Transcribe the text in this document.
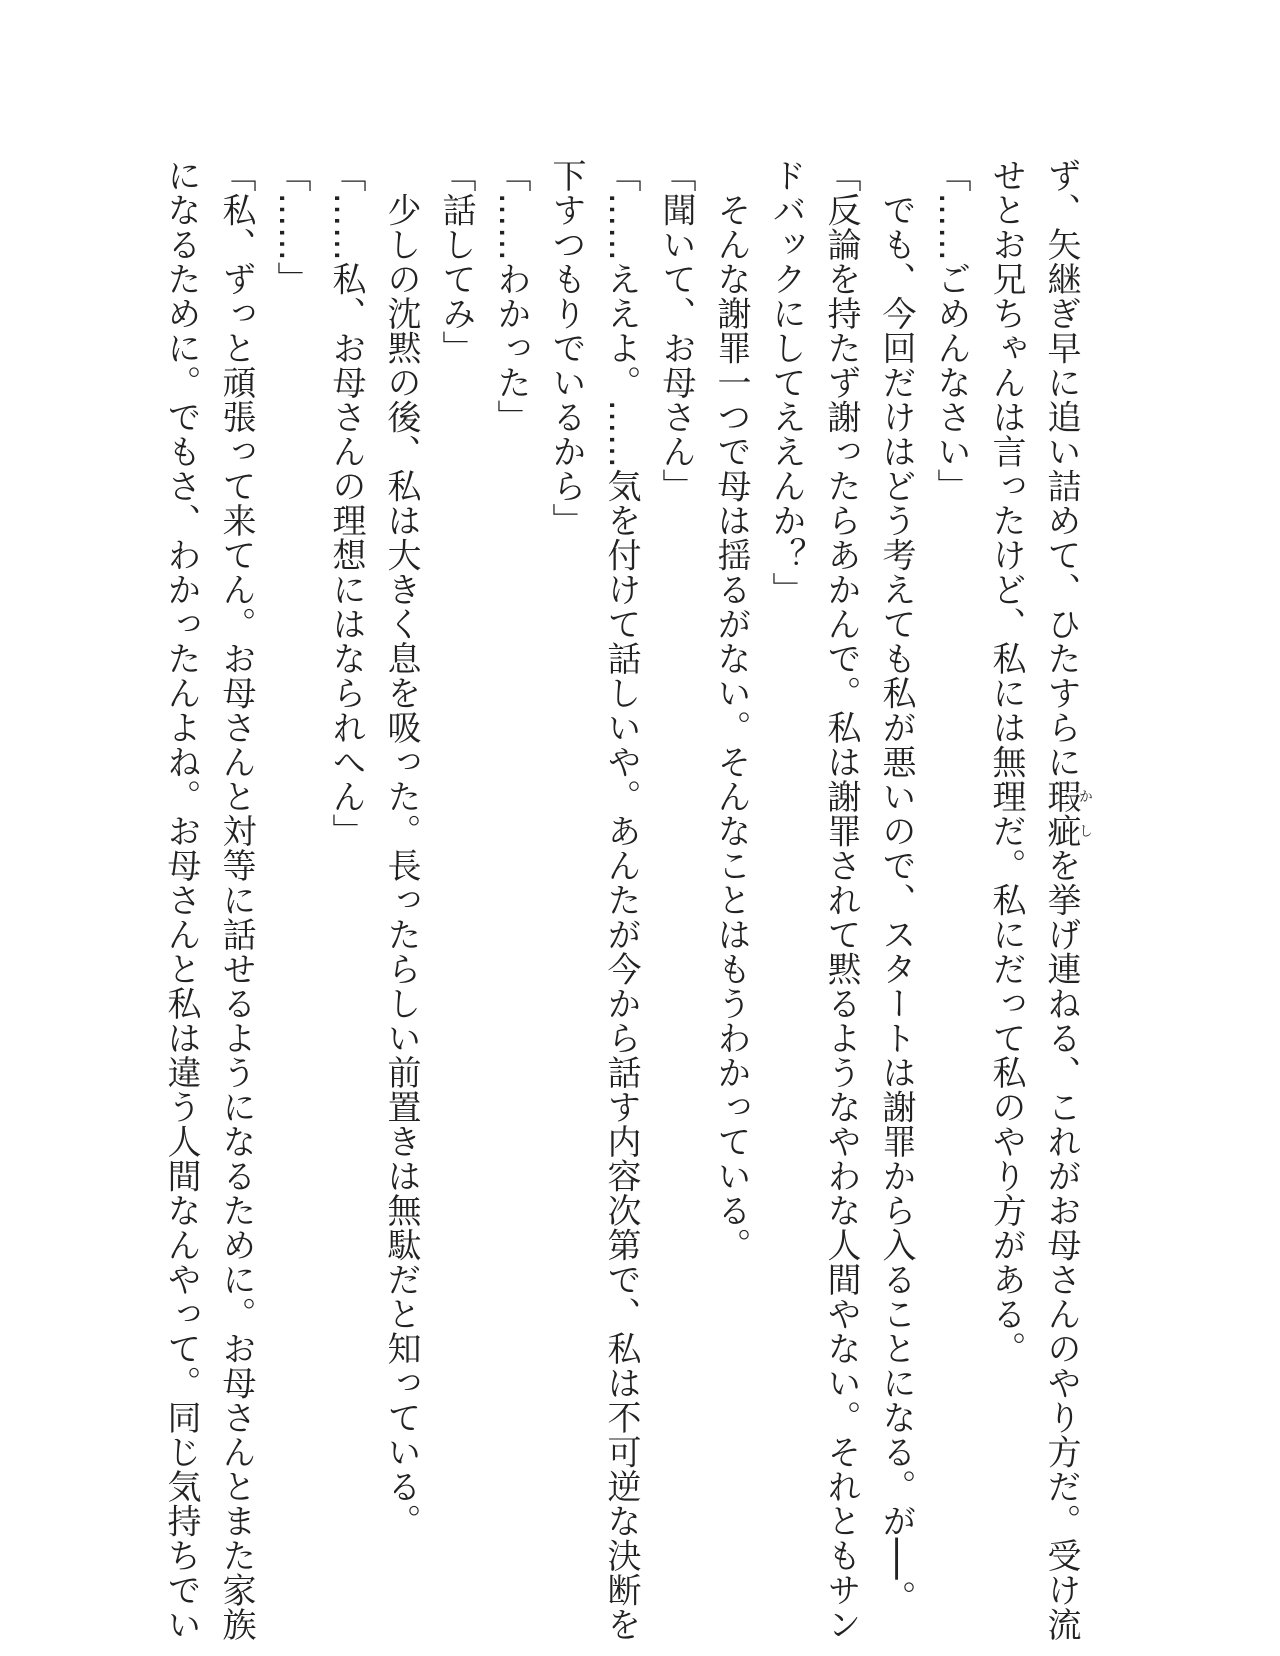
ず、矢継ぎ早に追い詰めて、ひたすらに瑕疵かしを挙げ連ねる、これがお母さんのやり方だ。受け流
せとお兄ちゃんは言ったけど、私には無理だ。私にだって私のやり方がある。
「……ごめんなさい」
　でも、今回だけはどう考えても私が悪いので、スタートは謝罪から入ることになる。が──。
「反論を持たず謝ったらあかんで。私は謝罪されて黙るようなやわな人間やない。それともサン
ドバックにしてええんか？」
　そんな謝罪一つで母は揺るがない。そんなことはもうわかっている。
「聞いて、お母さん」
「……ええよ。……気を付けて話しいや。あんたが今から話す内容次第で、私は不可逆な決断を
下すつもりでいるから」
「……わかった」
「話してみ」
　少しの沈黙の後、私は大きく息を吸った。長ったらしい前置きは無駄だと知っている。
「……私、お母さんの理想にはなられへん」
「……」
「私、ずっと頑張って来てん。お母さんと対等に話せるようになるために。お母さんとまた家族
になるために。でもさ、わかったんよね。お母さんと私は違う人間なんやって。同じ気持ちでい
